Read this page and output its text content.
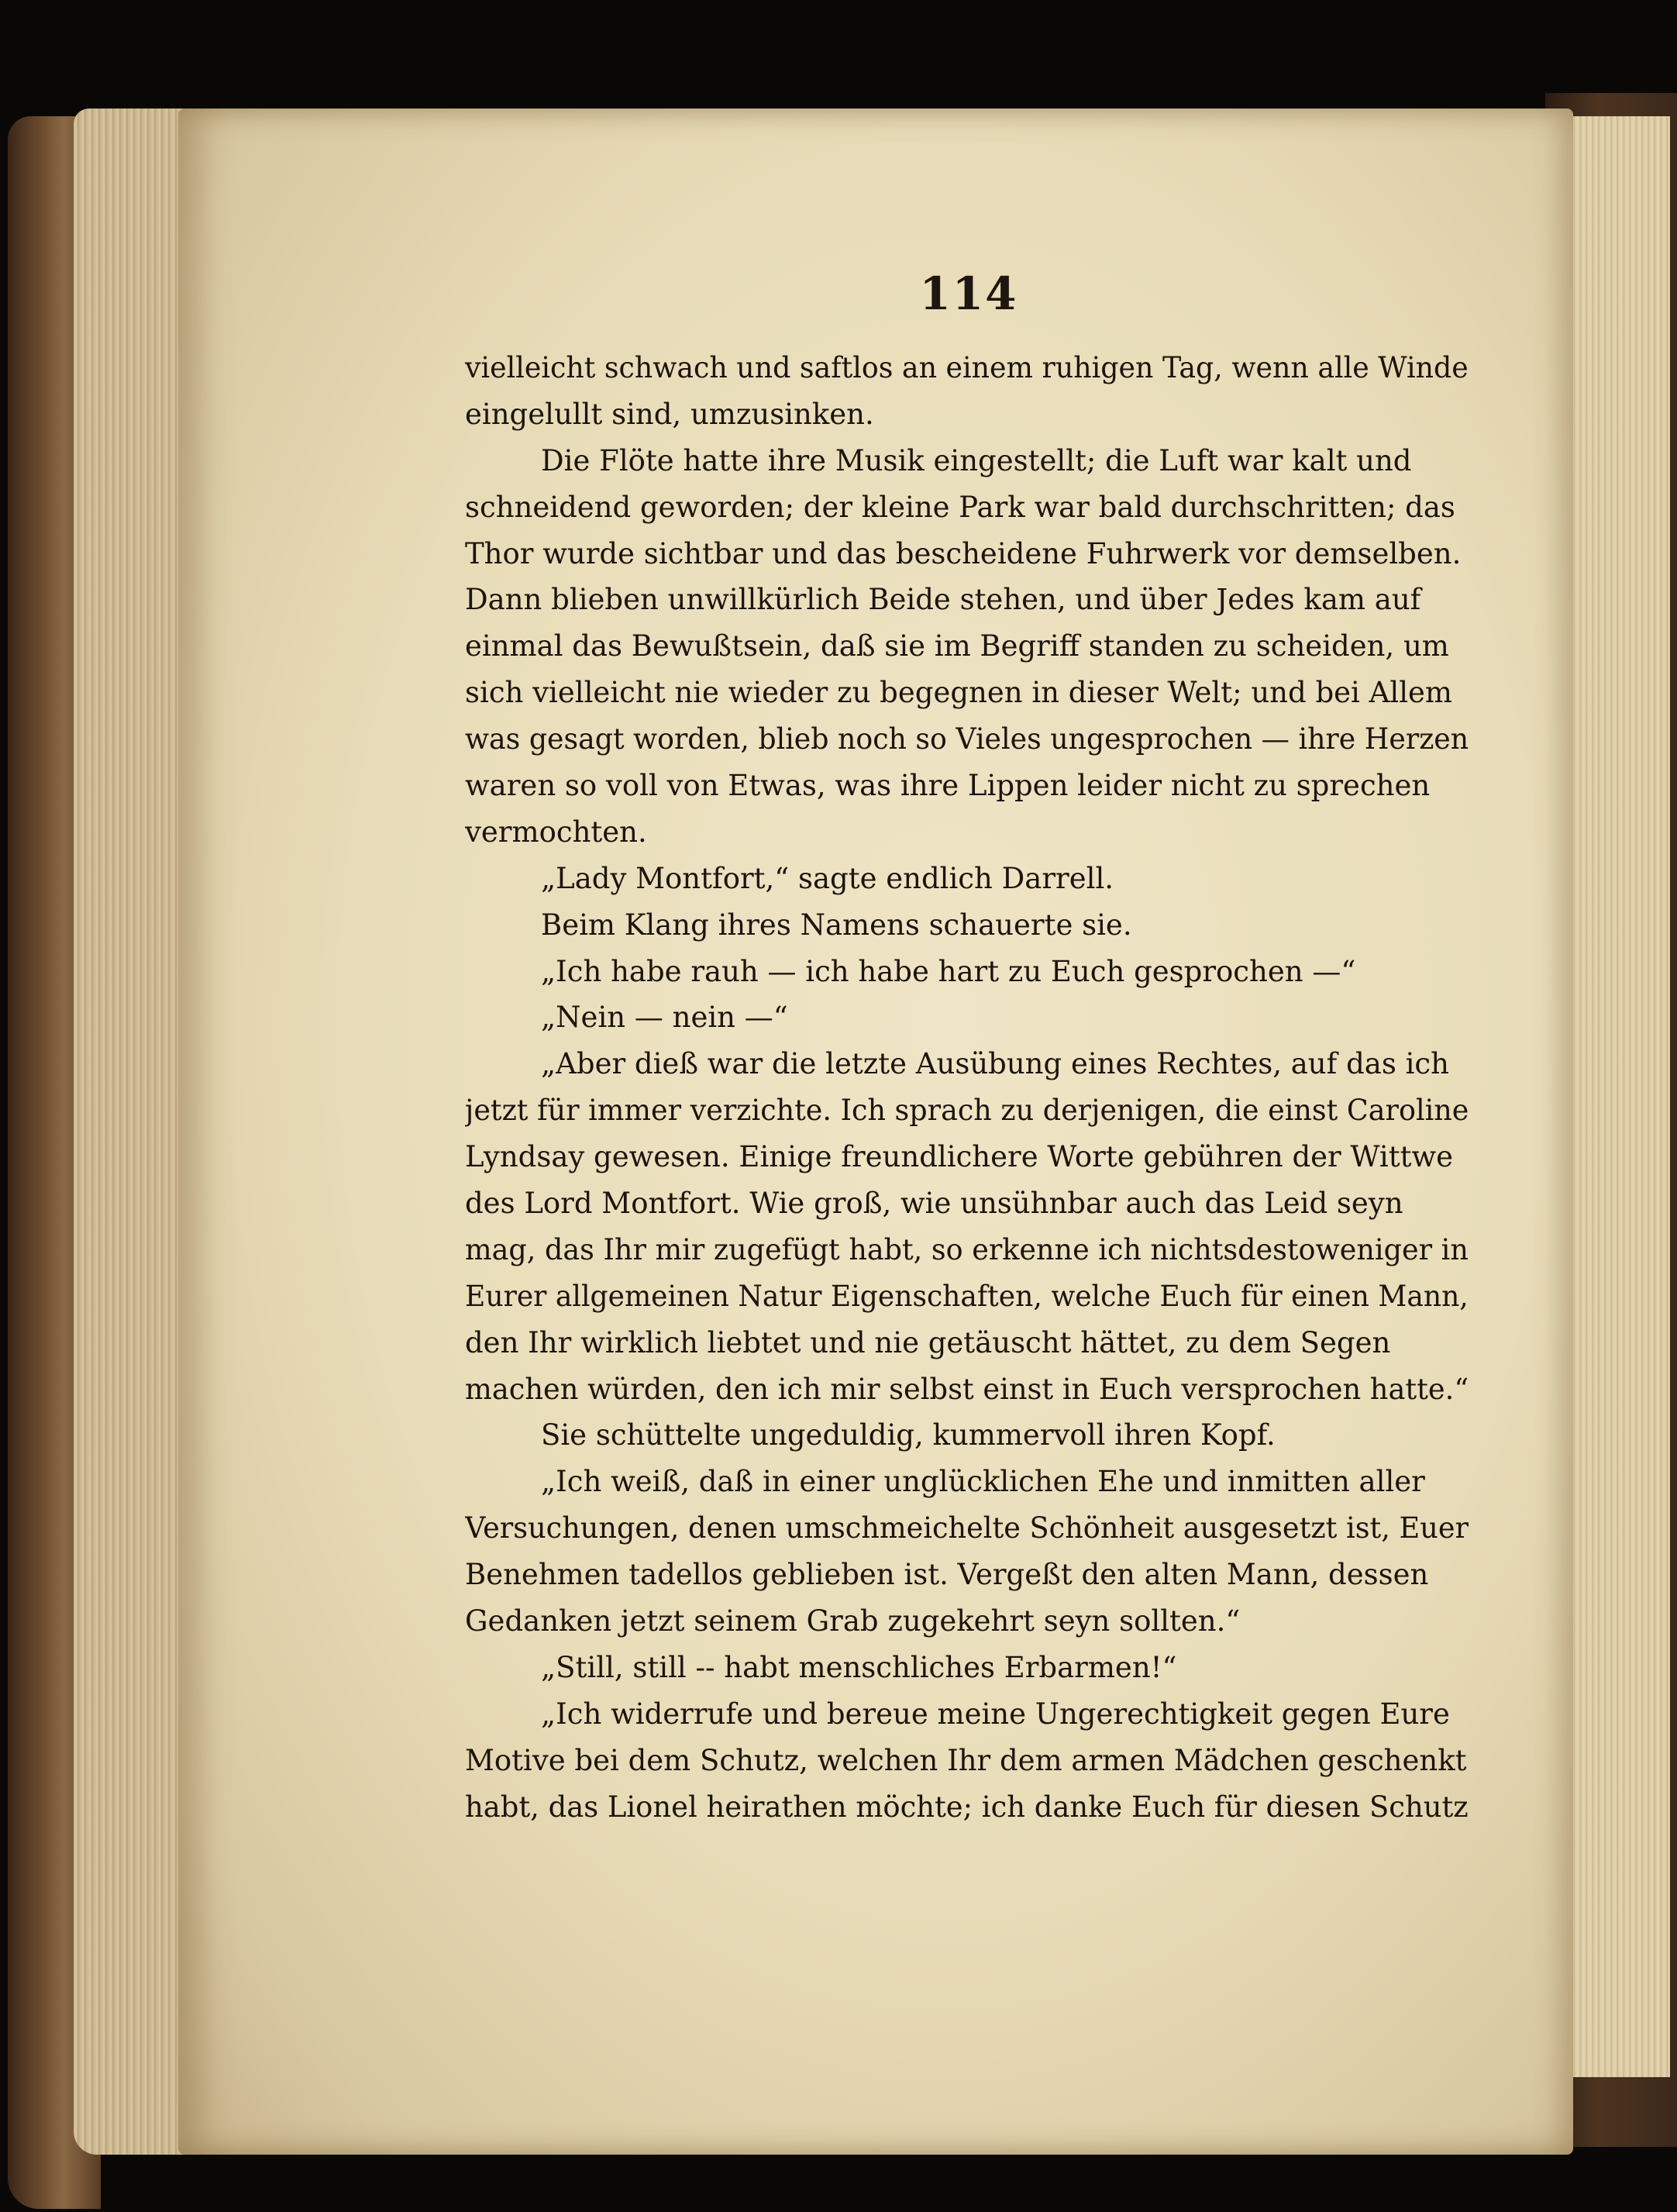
114
vielleicht schwach und saftlos an einem ruhigen Tag, wenn alle Winde
eingelullt sind, umzusinken.
Die Flöte hatte ihre Musik eingestellt; die Luft war kalt und
schneidend geworden; der kleine Park war bald durchschritten; das
Thor wurde sichtbar und das bescheidene Fuhrwerk vor demselben.
Dann blieben unwillkürlich Beide stehen, und über Jedes kam auf
einmal das Bewußtsein, daß sie im Begriff standen zu scheiden, um
sich vielleicht nie wieder zu begegnen in dieser Welt; und bei Allem
was gesagt worden, blieb noch so Vieles ungesprochen — ihre Herzen
waren so voll von Etwas, was ihre Lippen leider nicht zu sprechen
vermochten.
„Lady Montfort,“ sagte endlich Darrell.
Beim Klang ihres Namens schauerte sie.
„Ich habe rauh — ich habe hart zu Euch gesprochen —“
„Nein — nein —“
„Aber dieß war die letzte Ausübung eines Rechtes, auf das ich
jetzt für immer verzichte. Ich sprach zu derjenigen, die einst Caroline
Lyndsay gewesen. Einige freundlichere Worte gebühren der Wittwe
des Lord Montfort. Wie groß, wie unsühnbar auch das Leid seyn
mag, das Ihr mir zugefügt habt, so erkenne ich nichtsdestoweniger in
Eurer allgemeinen Natur Eigenschaften, welche Euch für einen Mann,
den Ihr wirklich liebtet und nie getäuscht hättet, zu dem Segen
machen würden, den ich mir selbst einst in Euch versprochen hatte.“
Sie schüttelte ungeduldig, kummervoll ihren Kopf.
„Ich weiß, daß in einer unglücklichen Ehe und inmitten aller
Versuchungen, denen umschmeichelte Schönheit ausgesetzt ist, Euer
Benehmen tadellos geblieben ist. Vergeßt den alten Mann, dessen
Gedanken jetzt seinem Grab zugekehrt seyn sollten.“
„Still, still -- habt menschliches Erbarmen!“
„Ich widerrufe und bereue meine Ungerechtigkeit gegen Eure
Motive bei dem Schutz, welchen Ihr dem armen Mädchen geschenkt
habt, das Lionel heirathen möchte; ich danke Euch für diesen Schutz
